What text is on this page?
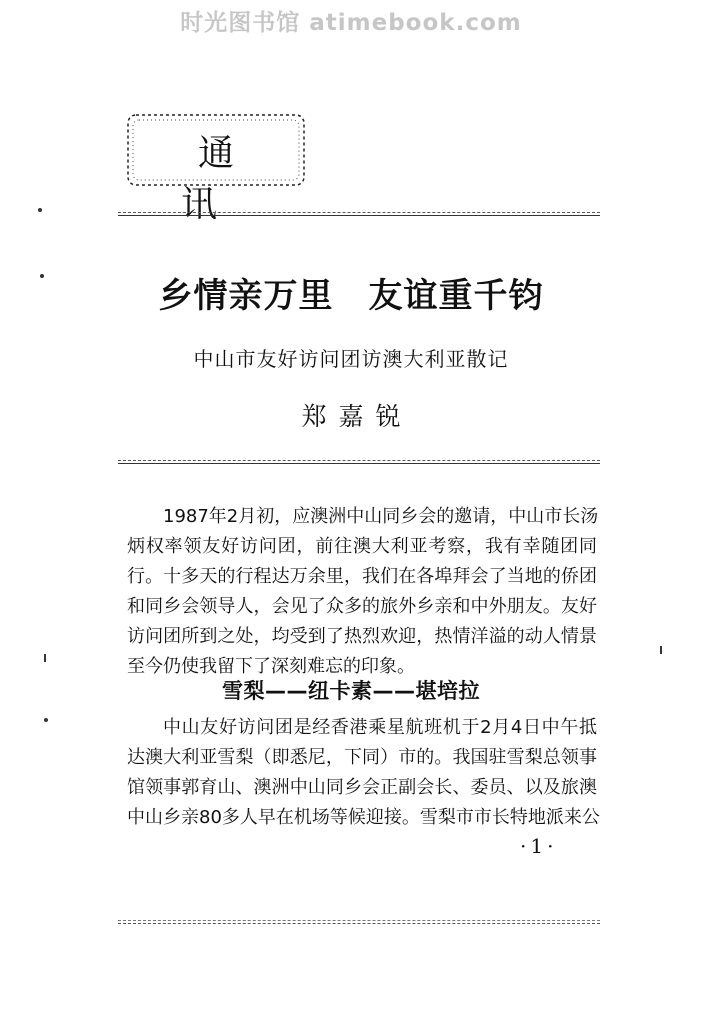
时光图书馆 atimebook.com
通 讯
乡情亲万里　友谊重千钧
中山市友好访问团访澳大利亚散记
郑嘉锐
1987年2月初，应澳洲中山同乡会的邀请，中山市长汤
炳权率领友好访问团，前往澳大利亚考察，我有幸随团同
行。十多天的行程达万余里，我们在各埠拜会了当地的侨团
和同乡会领导人，会见了众多的旅外乡亲和中外朋友。友好
访问团所到之处，均受到了热烈欢迎，热情洋溢的动人情景
至今仍使我留下了深刻难忘的印象。
雪梨——纽卡素——堪培拉
中山友好访问团是经香港乘星航班机于2月4日中午抵
达澳大利亚雪梨（即悉尼，下同）市的。我国驻雪梨总领事
馆领事郭育山、澳洲中山同乡会正副会长、委员、以及旅澳
中山乡亲80多人早在机场等候迎接。雪梨市市长特地派来公
·1·
